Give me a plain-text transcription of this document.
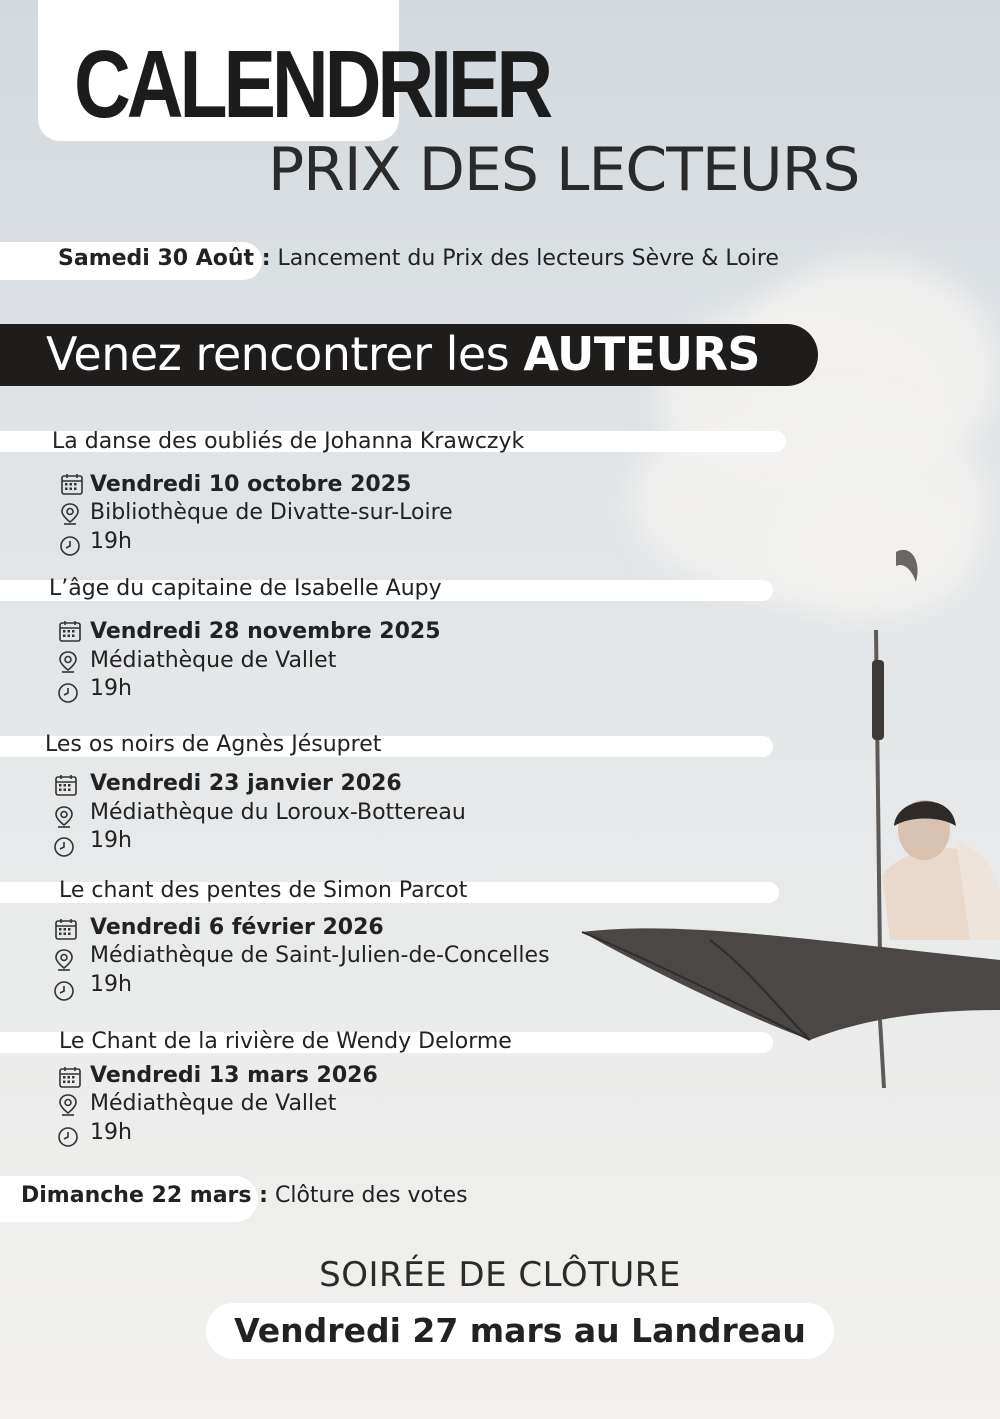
CALENDRIER
PRIX DES LECTEURS
Samedi 30 Août : Lancement du Prix des lecteurs Sèvre & Loire
Venez rencontrer les AUTEURS
La danse des oubliés de Johanna Krawczyk
Vendredi 10 octobre 2025
Bibliothèque de Divatte-sur-Loire
19h
L’âge du capitaine de Isabelle Aupy
Vendredi 28 novembre 2025
Médiathèque de Vallet
19h
Les os noirs de Agnès Jésupret
Vendredi 23 janvier 2026
Médiathèque du Loroux-Bottereau
19h
Le chant des pentes de Simon Parcot
Vendredi 6 février 2026
Médiathèque de Saint-Julien-de-Concelles
19h
Le Chant de la rivière de Wendy Delorme
Vendredi 13 mars 2026
Médiathèque de Vallet
19h
Dimanche 22 mars : Clôture des votes
SOIRÉE DE CLÔTURE
Vendredi 27 mars au Landreau
